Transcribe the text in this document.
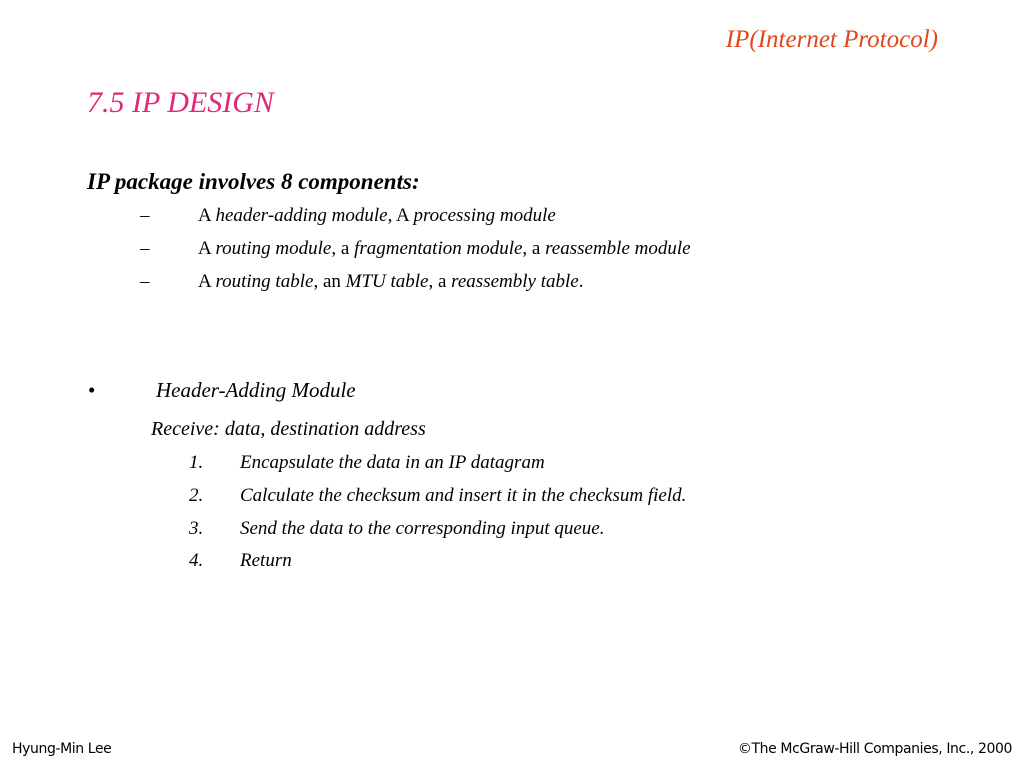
IP(Internet Protocol)
7.5 IP DESIGN
IP package involves 8 components:
–	A header-adding module, A processing module
–	A routing module, a fragmentation module, a reassemble module
–	A routing table, an MTU table, a reassembly table.
•	Header-Adding Module
Receive: data, destination address
1. Encapsulate the data in an IP datagram
2. Calculate the checksum and insert it in the checksum field.
3. Send the data to the corresponding input queue.
4. Return
Hyung-Min Lee	©The McGraw-Hill Companies, Inc., 2000
